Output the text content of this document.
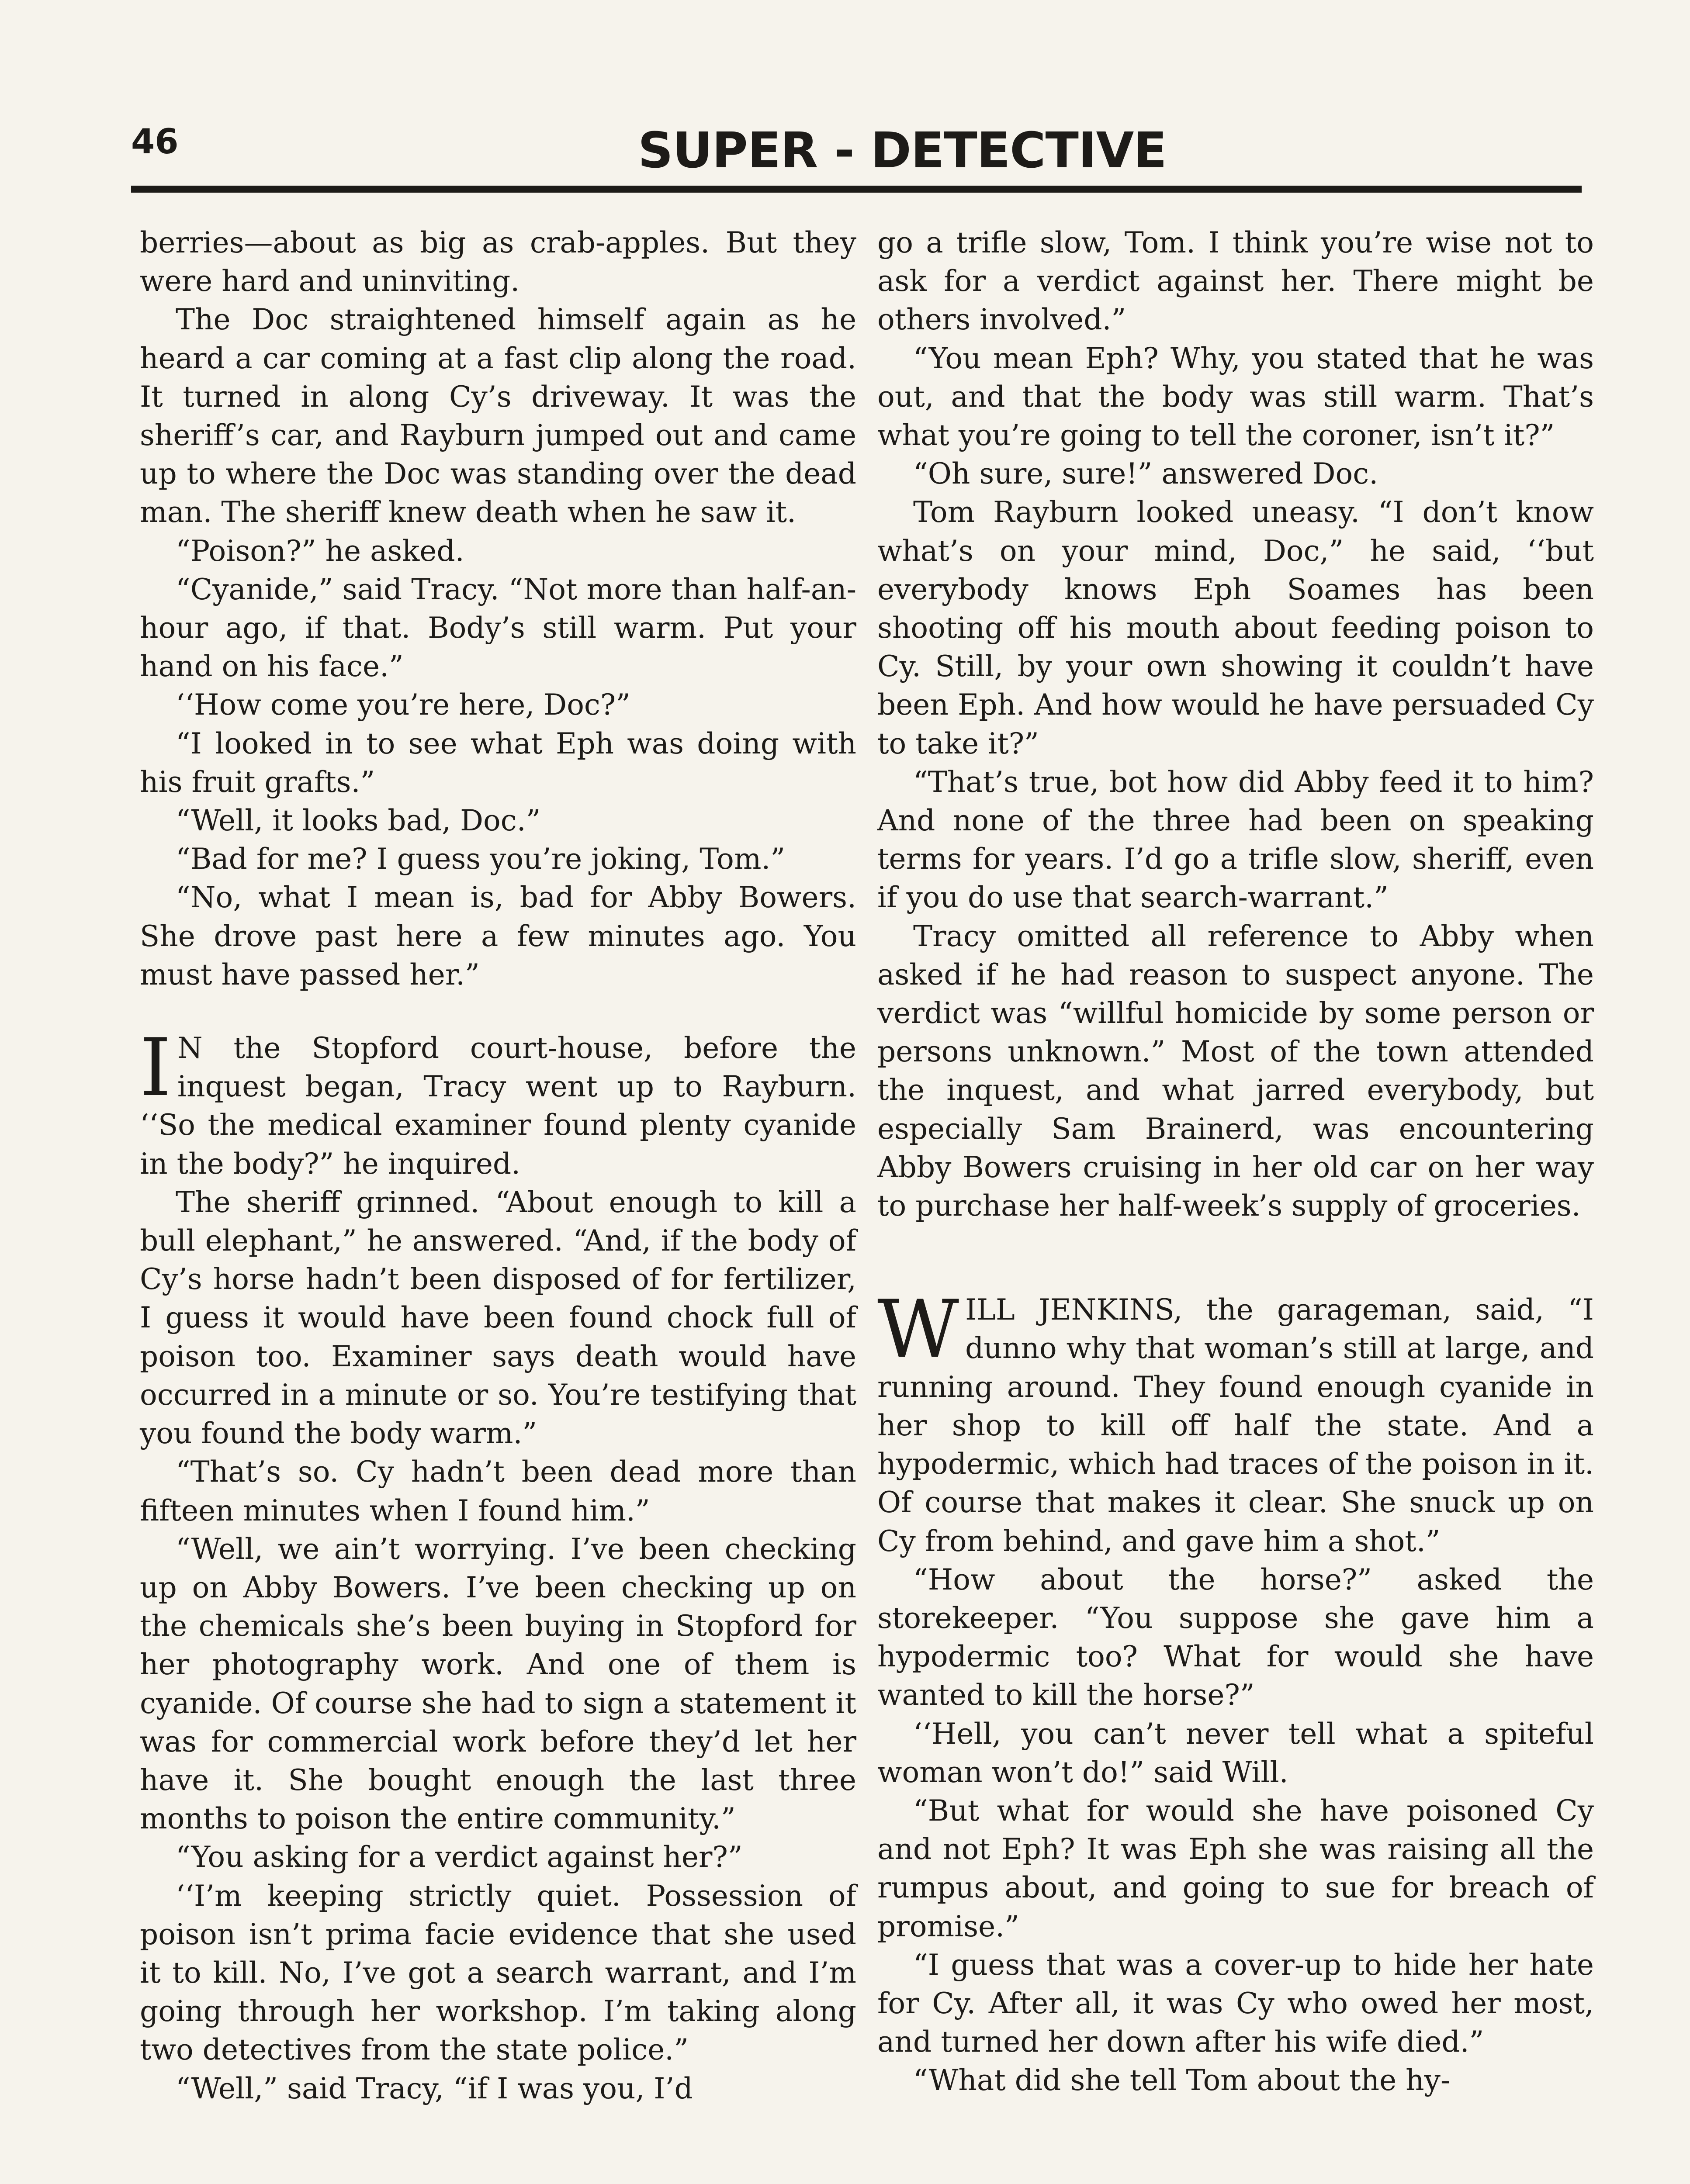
46	SUPER - DETECTIVE

berries—about as big as crab-apples. But they were hard and uninviting.

The Doc straightened himself again as he heard a car coming at a fast clip along the road. It turned in along Cy’s driveway. It was the sheriff’s car, and Rayburn jumped out and came up to where the Doc was standing over the dead man. The sheriff knew death when he saw it.

“Poison?” he asked.

“Cyanide,” said Tracy. “Not more than half-an-hour ago, if that. Body’s still warm. Put your hand on his face.”

‘‘How come you’re here, Doc?”

“I looked in to see what Eph was doing with his fruit grafts.”

“Well, it looks bad, Doc.”

“Bad for me? I guess you’re joking, Tom.”

“No, what I mean is, bad for Abby Bowers. She drove past here a few minutes ago. You must have passed her.”

I N the Stopford court-house, before the inquest began, Tracy went up to Rayburn. ‘‘So the medical examiner found plenty cyanide in the body?” he inquired.

The sheriff grinned. “About enough to kill a bull elephant,” he answered. “And, if the body of Cy’s horse hadn’t been disposed of for fertilizer, I guess it would have been found chock full of poison too. Examiner says death would have occurred in a minute or so. You’re testifying that you found the body warm.”

“That’s so. Cy hadn’t been dead more than fifteen minutes when I found him.”

“Well, we ain’t worrying. I’ve been checking up on Abby Bowers. I’ve been checking up on the chemicals she’s been buying in Stopford for her photography work. And one of them is cyanide. Of course she had to sign a statement it was for commercial work before they’d let her have it. She bought enough the last three months to poison the entire community.”

“You asking for a verdict against her?”

‘‘I’m keeping strictly quiet. Possession of poison isn’t prima facie evidence that she used it to kill. No, I’ve got a search warrant, and I’m going through her workshop. I’m taking along two detectives from the state police.”

“Well,” said Tracy, “if I was you, I’d

go a trifle slow, Tom. I think you’re wise not to ask for a verdict against her. There might be others involved.”

“You mean Eph? Why, you stated that he was out, and that the body was still warm. That’s what you’re going to tell the coroner, isn’t it?”

“Oh sure, sure!” answered Doc.

Tom Rayburn looked uneasy. “I don’t know what’s on your mind, Doc,” he said, ‘‘but everybody knows Eph Soames has been shooting off his mouth about feeding poison to Cy. Still, by your own showing it couldn’t have been Eph. And how would he have persuaded Cy to take it?”

“That’s true, bot how did Abby feed it to him? And none of the three had been on speaking terms for years. I’d go a trifle slow, sheriff, even if you do use that search-warrant.”

Tracy omitted all reference to Abby when asked if he had reason to suspect anyone. The verdict was “willful homicide by some person or persons unknown.” Most of the town attended the inquest, and what jarred everybody, but especially Sam Brainerd, was encountering Abby Bowers cruising in her old car on her way to purchase her half-week’s supply of groceries.

WILL JENKINS, the garageman, said, “I dunno why that woman’s still at large, and running around. They found enough cyanide in her shop to kill off half the state. And a hypodermic, which had traces of the poison in it. Of course that makes it clear. She snuck up on Cy from behind, and gave him a shot.”

“How about the horse?” asked the storekeeper. “You suppose she gave him a hypodermic too? What for would she have wanted to kill the horse?”

‘‘Hell, you can’t never tell what a spiteful woman won’t do!” said Will.

“But what for would she have poisoned Cy and not Eph? It was Eph she was raising all the rumpus about, and going to sue for breach of promise.”

“I guess that was a cover-up to hide her hate for Cy. After all, it was Cy who owed her most, and turned her down after his wife died.”

“What did she tell Tom about the hy-
